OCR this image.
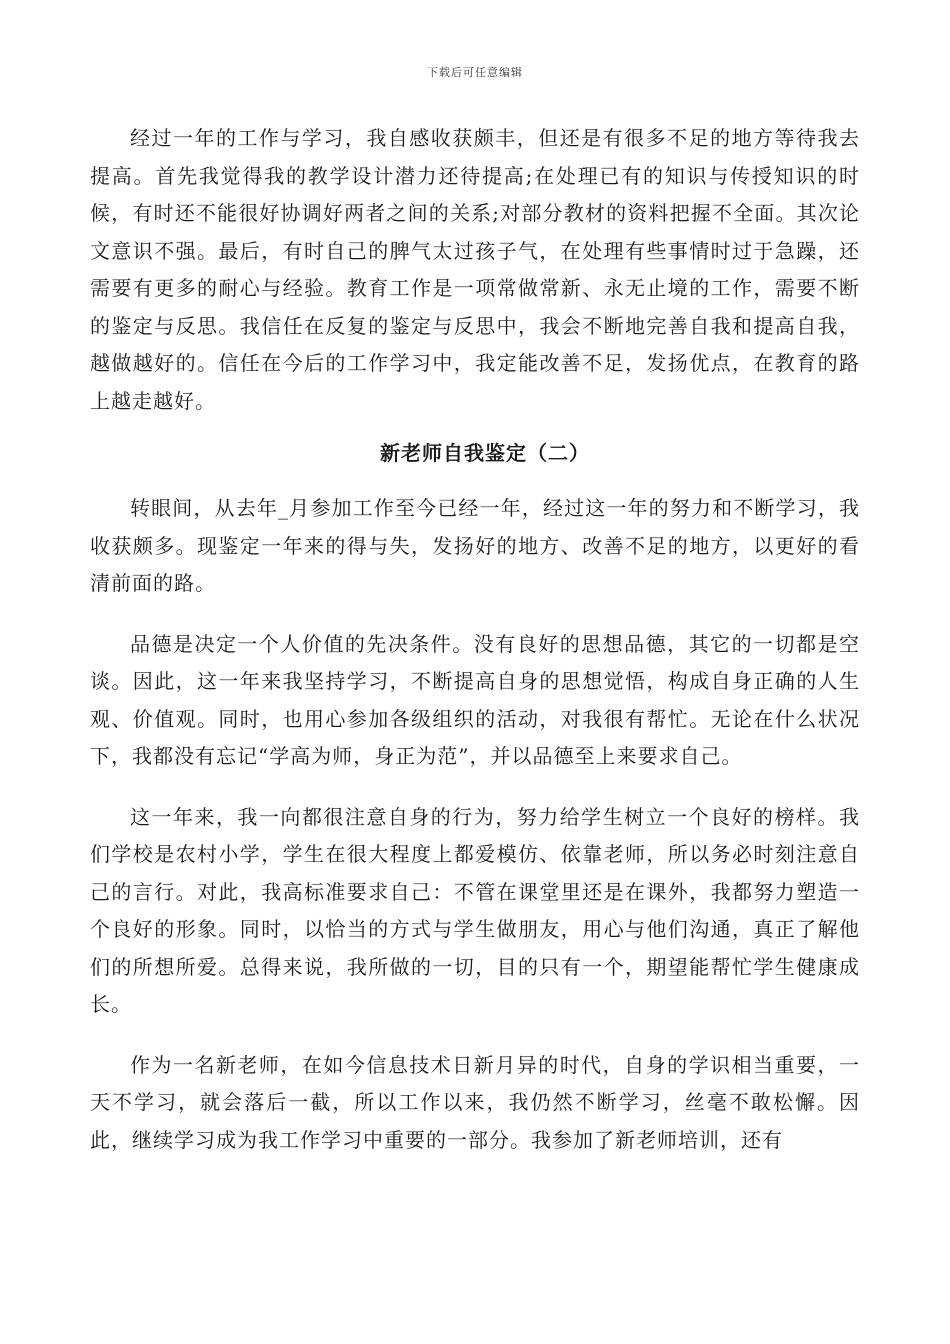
下载后可任意编辑

经过一年的工作与学习，我自感收获颇丰，但还是有很多不足的地方等待我去提高。首先我觉得我的教学设计潜力还待提高;在处理已有的知识与传授知识的时候，有时还不能很好协调好两者之间的关系;对部分教材的资料把握不全面。其次论文意识不强。最后，有时自己的脾气太过孩子气，在处理有些事情时过于急躁，还需要有更多的耐心与经验。教育工作是一项常做常新、永无止境的工作，需要不断的鉴定与反思。我信任在反复的鉴定与反思中，我会不断地完善自我和提高自我，越做越好的。信任在今后的工作学习中，我定能改善不足，发扬优点，在教育的路上越走越好。

新老师自我鉴定（二）

转眼间，从去年_月参加工作至今已经一年，经过这一年的努力和不断学习，我收获颇多。现鉴定一年来的得与失，发扬好的地方、改善不足的地方，以更好的看清前面的路。

品德是决定一个人价值的先决条件。没有良好的思想品德，其它的一切都是空谈。因此，这一年来我坚持学习，不断提高自身的思想觉悟，构成自身正确的人生观、价值观。同时，也用心参加各级组织的活动，对我很有帮忙。无论在什么状况下，我都没有忘记“学高为师，身正为范”，并以品德至上来要求自己。

这一年来，我一向都很注意自身的行为，努力给学生树立一个良好的榜样。我们学校是农村小学，学生在很大程度上都爱模仿、依靠老师，所以务必时刻注意自己的言行。对此，我高标准要求自己：不管在课堂里还是在课外，我都努力塑造一个良好的形象。同时，以恰当的方式与学生做朋友，用心与他们沟通，真正了解他们的所想所爱。总得来说，我所做的一切，目的只有一个，期望能帮忙学生健康成长。

作为一名新老师，在如今信息技术日新月异的时代，自身的学识相当重要，一天不学习，就会落后一截，所以工作以来，我仍然不断学习，丝毫不敢松懈。因此，继续学习成为我工作学习中重要的一部分。我参加了新老师培训，还有
